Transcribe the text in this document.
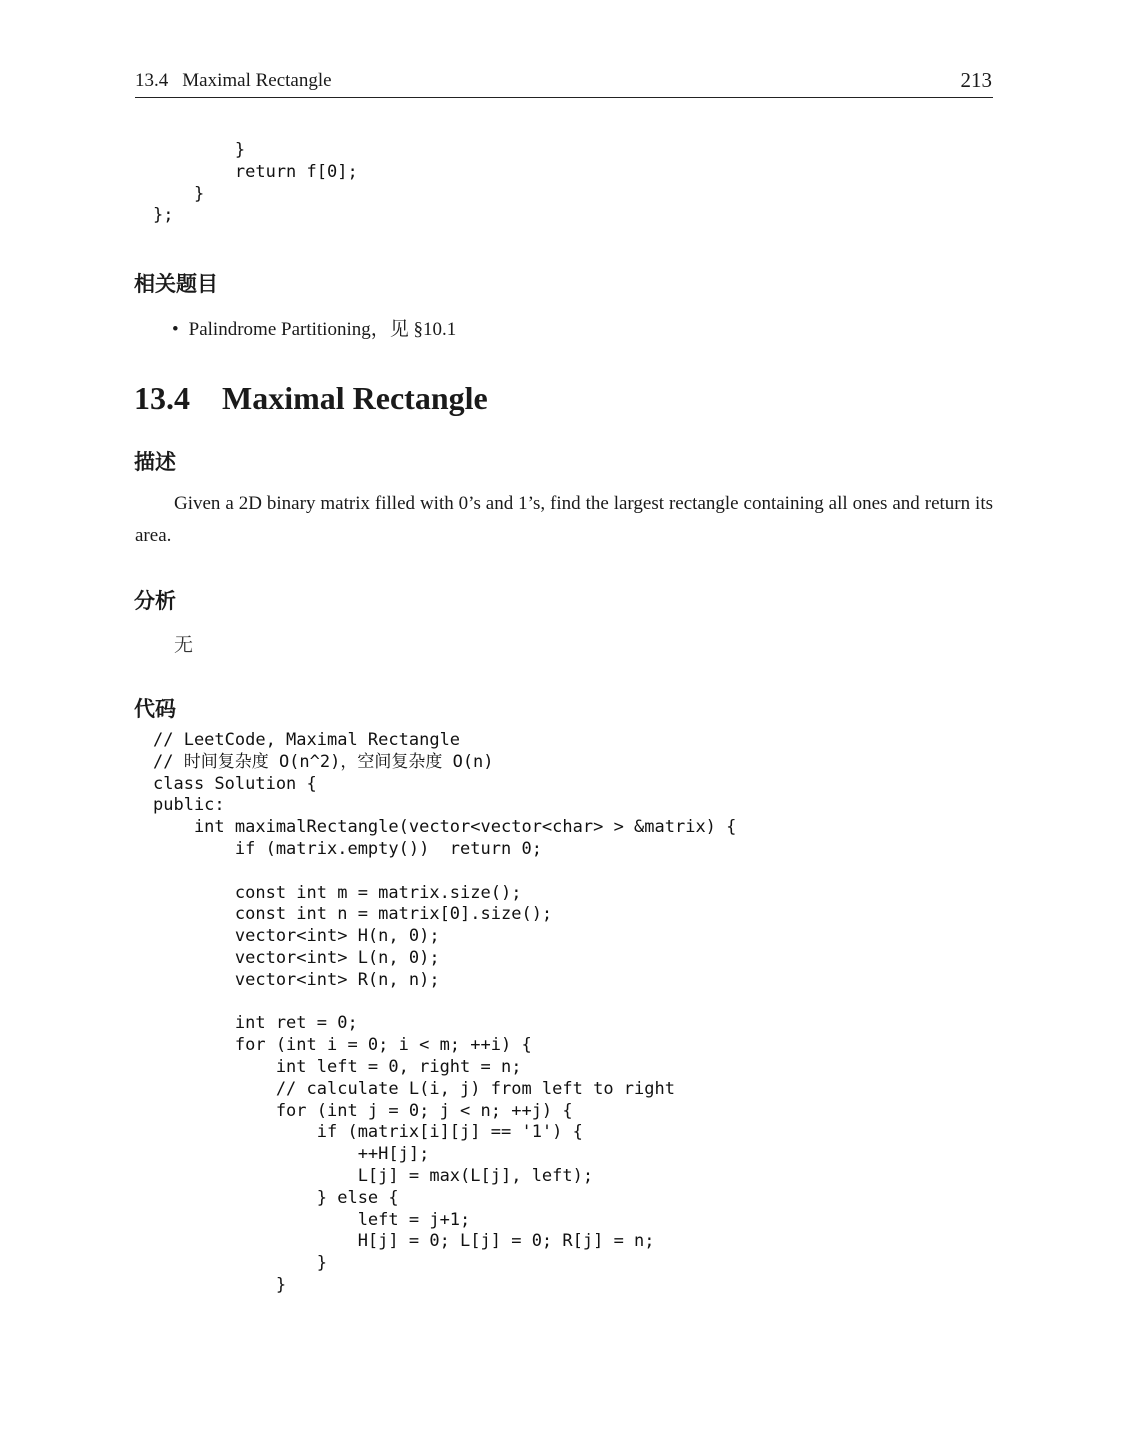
13.4 Maximal Rectangle	213
}
return f[0];
}
};
相关题目
• Palindrome Partitioning，见 §10.1
13.4 Maximal Rectangle
描述
Given a 2D binary matrix filled with 0’s and 1’s, find the largest rectangle containing all ones and return its area.
分析
无
代码
// LeetCode, Maximal Rectangle
// 时间复杂度 O(n^2)，空间复杂度 O(n)
class Solution {
public:
int maximalRectangle(vector<vector<char> > &matrix) {
if (matrix.empty())  return 0;
const int m = matrix.size();
const int n = matrix[0].size();
vector<int> H(n, 0);
vector<int> L(n, 0);
vector<int> R(n, n);
int ret = 0;
for (int i = 0; i < m; ++i) {
int left = 0, right = n;
// calculate L(i, j) from left to right
for (int j = 0; j < n; ++j) {
if (matrix[i][j] == '1') {
++H[j];
L[j] = max(L[j], left);
} else {
left = j+1;
H[j] = 0; L[j] = 0; R[j] = n;
}
}
